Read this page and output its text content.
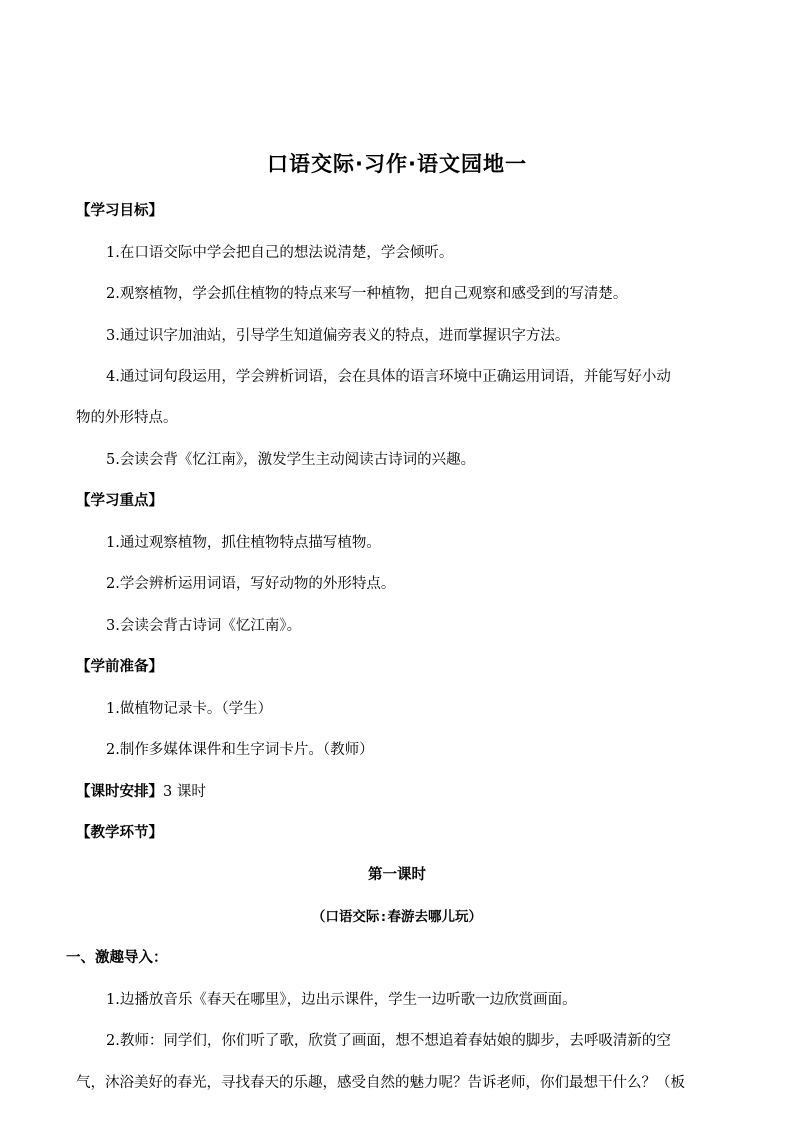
口语交际·习作·语文园地一
【学习目标】
1.在口语交际中学会把自己的想法说清楚，学会倾听。
2.观察植物，学会抓住植物的特点来写一种植物，把自己观察和感受到的写清楚。
3.通过识字加油站，引导学生知道偏旁表义的特点，进而掌握识字方法。
4.通过词句段运用，学会辨析词语，会在具体的语言环境中正确运用词语，并能写好小动
物的外形特点。
5.会读会背《忆江南》，激发学生主动阅读古诗词的兴趣。
【学习重点】
1.通过观察植物，抓住植物特点描写植物。
2.学会辨析运用词语，写好动物的外形特点。
3.会读会背古诗词《忆江南》。
【学前准备】
1.做植物记录卡。（学生）
2.制作多媒体课件和生字词卡片。（教师）
【课时安排】3 课时
【教学环节】
第一课时
（口语交际:春游去哪儿玩）
一、激趣导入：
1.边播放音乐《春天在哪里》，边出示课件，学生一边听歌一边欣赏画面。
2.教师：同学们，你们听了歌，欣赏了画面，想不想追着春姑娘的脚步，去呼吸清新的空
气，沐浴美好的春光，寻找春天的乐趣，感受自然的魅力呢？告诉老师，你们最想干什么？（板
